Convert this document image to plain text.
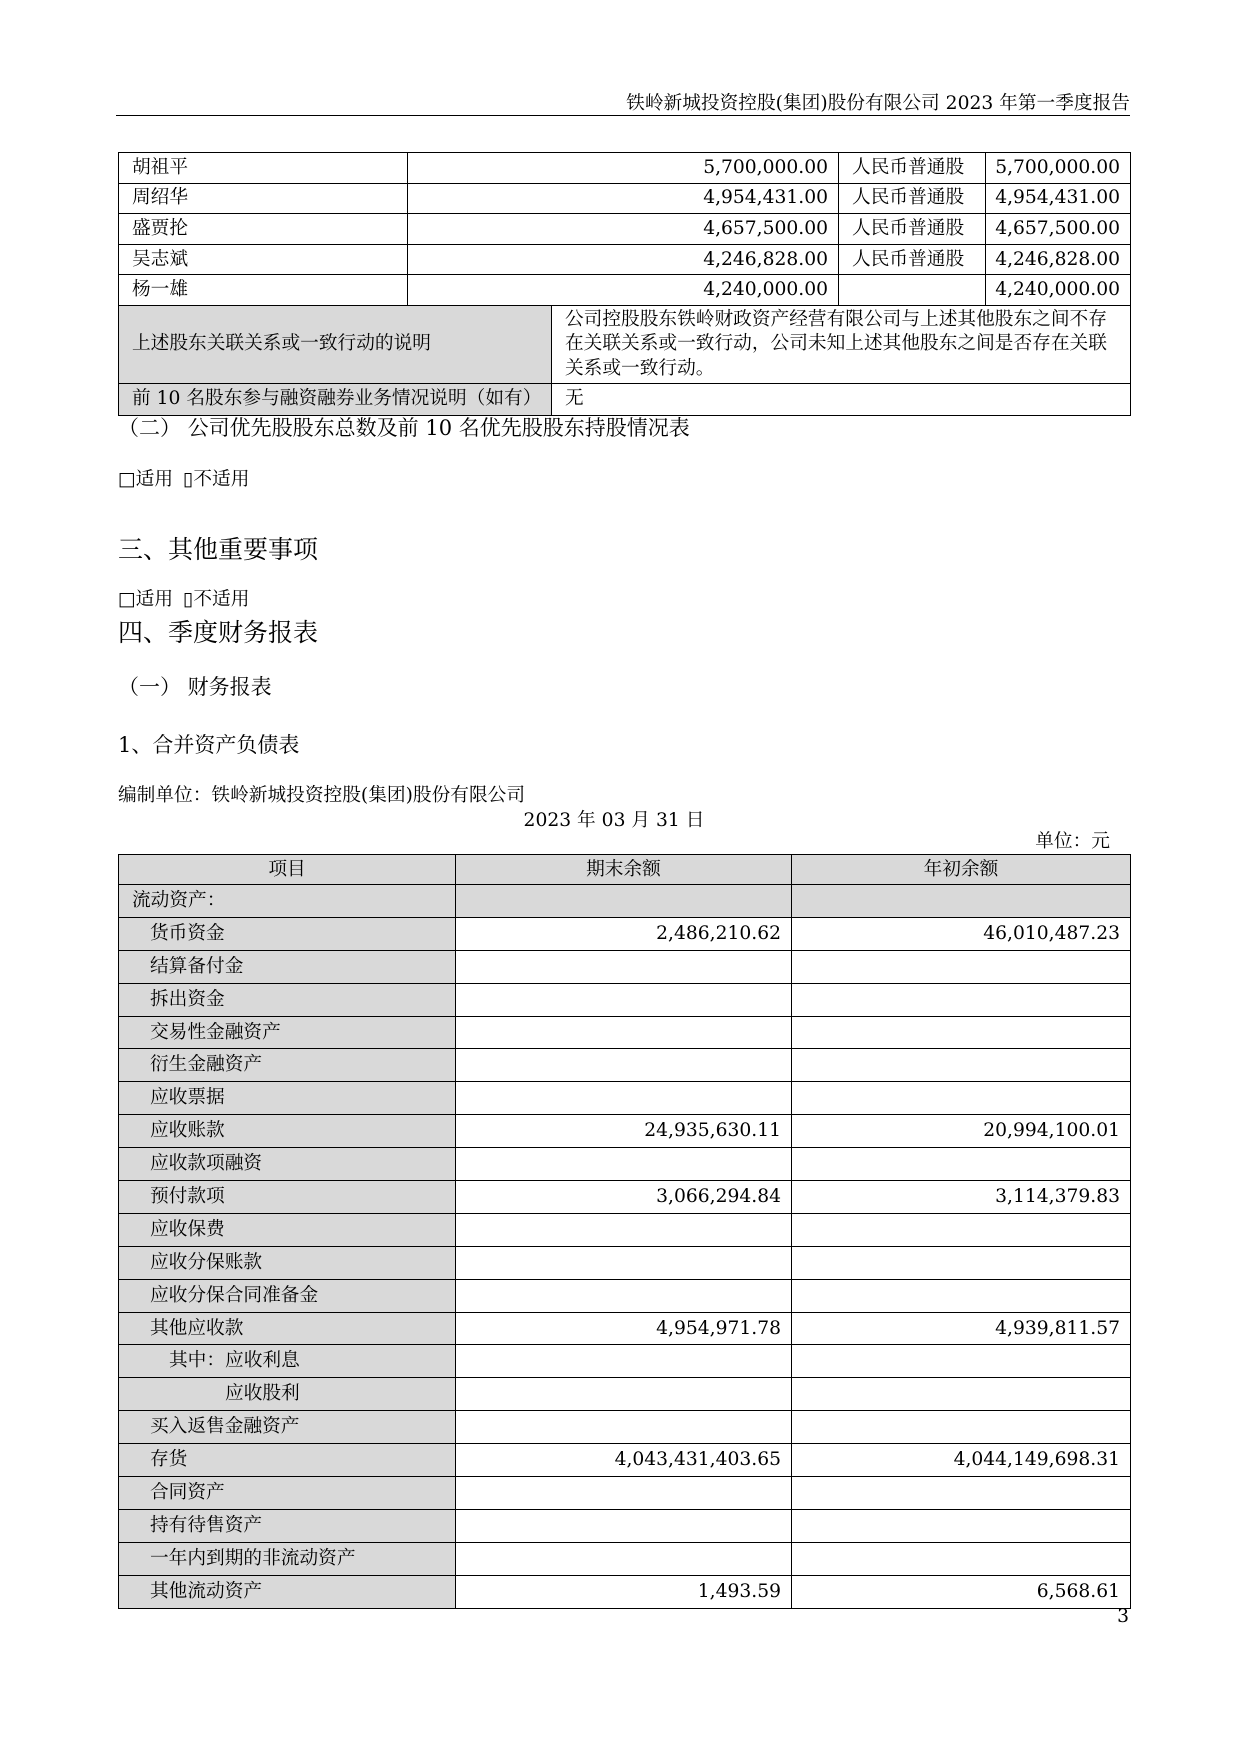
铁岭新城投资控股(集团)股份有限公司 2023 年第一季度报告
胡祖平	5,700,000.00		人民币普通股	5,700,000.00
周绍华	4,954,431.00		人民币普通股	4,954,431.00
盛贾抡	4,657,500.00		人民币普通股	4,657,500.00
吴志斌	4,246,828.00		人民币普通股	4,246,828.00
杨一雄	4,240,000.00			4,240,000.00
上述股东关联关系或一致行动的说明		公司控股股东铁岭财政资产经营有限公司与上述其他股东之间不存在关联关系或一致行动，公司未知上述其他股东之间是否存在关联关系或一致行动。		
前 10 名股东参与融资融券业务情况说明（如有）		无		
（二） 公司优先股股东总数及前 10 名优先股股东持股情况表
□适用 ▯不适用
三、其他重要事项
□适用 ▯不适用
四、季度财务报表
（一） 财务报表
1、合并资产负债表
编制单位：铁岭新城投资控股(集团)股份有限公司
2023 年 03 月 31 日
单位：元
项目	期末余额	年初余额
流动资产：		
货币资金	2,486,210.62	46,010,487.23
结算备付金		
拆出资金		
交易性金融资产		
衍生金融资产		
应收票据		
应收账款	24,935,630.11	20,994,100.01
应收款项融资		
预付款项	3,066,294.84	3,114,379.83
应收保费		
应收分保账款		
应收分保合同准备金		
其他应收款	4,954,971.78	4,939,811.57
其中：应收利息		
应收股利		
买入返售金融资产		
存货	4,043,431,403.65	4,044,149,698.31
合同资产		
持有待售资产		
一年内到期的非流动资产		
其他流动资产	1,493.59	6,568.61
3
